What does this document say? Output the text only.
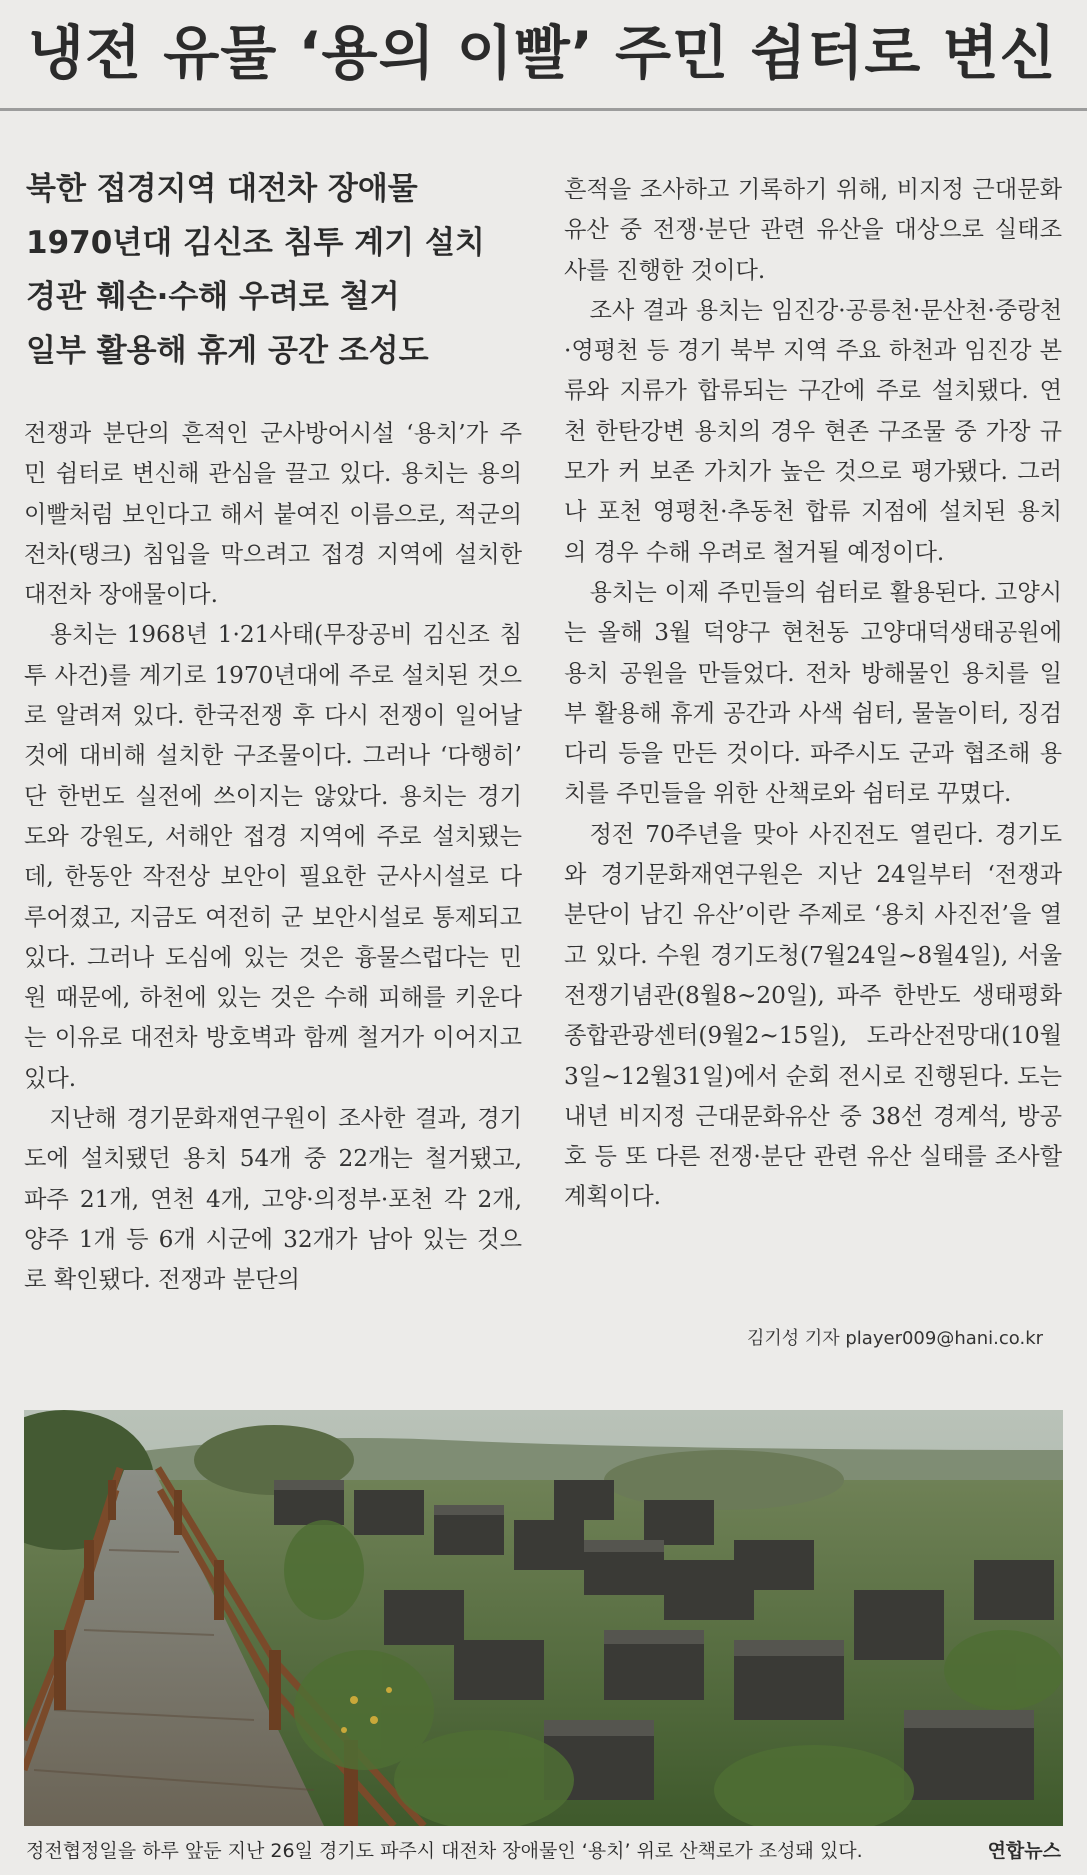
냉전 유물 ‘용의 이빨’ 주민 쉼터로 변신
북한 접경지역 대전차 장애물
1970년대 김신조 침투 계기 설치
경관 훼손·수해 우려로 철거
일부 활용해 휴게 공간 조성도

전쟁과 분단의 흔적인 군사방어시설 ‘용치’가 주민 쉼터로 변신해 관심을 끌고 있다. 용치는 용의 이빨처럼 보인다고 해서 붙여진 이름으로, 적군의 전차(탱크) 침입을 막으려고 접경 지역에 설치한 대전차 장애물이다.

용치는 1968년 1·21사태(무장공비 김신조 침투 사건)를 계기로 1970년대에 주로 설치된 것으로 알려져 있다. 한국전쟁 후 다시 전쟁이 일어날 것에 대비해 설치한 구조물이다. 그러나 ‘다행히’ 단 한번도 실전에 쓰이지는 않았다. 용치는 경기도와 강원도, 서해안 접경 지역에 주로 설치됐는데, 한동안 작전상 보안이 필요한 군사시설로 다루어졌고, 지금도 여전히 군 보안시설로 통제되고 있다. 그러나 도심에 있는 것은 흉물스럽다는 민원 때문에, 하천에 있는 것은 수해 피해를 키운다는 이유로 대전차 방호벽과 함께 철거가 이어지고 있다.

지난해 경기문화재연구원이 조사한 결과, 경기도에 설치됐던 용치 54개 중 22개는 철거됐고, 파주 21개, 연천 4개, 고양·의정부·포천 각 2개, 양주 1개 등 6개 시군에 32개가 남아 있는 것으로 확인됐다. 전쟁과 분단의

흔적을 조사하고 기록하기 위해, 비지정 근대문화유산 중 전쟁·분단 관련 유산을 대상으로 실태조사를 진행한 것이다.

조사 결과 용치는 임진강·공릉천·문산천·중랑천·영평천 등 경기 북부 지역 주요 하천과 임진강 본류와 지류가 합류되는 구간에 주로 설치됐다. 연천 한탄강변 용치의 경우 현존 구조물 중 가장 규모가 커 보존 가치가 높은 것으로 평가됐다. 그러나 포천 영평천·추동천 합류 지점에 설치된 용치의 경우 수해 우려로 철거될 예정이다.

용치는 이제 주민들의 쉼터로 활용된다. 고양시는 올해 3월 덕양구 현천동 고양대덕생태공원에 용치 공원을 만들었다. 전차 방해물인 용치를 일부 활용해 휴게 공간과 사색 쉼터, 물놀이터, 징검다리 등을 만든 것이다. 파주시도 군과 협조해 용치를 주민들을 위한 산책로와 쉼터로 꾸몄다.

정전 70주년을 맞아 사진전도 열린다. 경기도와 경기문화재연구원은 지난 24일부터 ‘전쟁과 분단이 남긴 유산’이란 주제로 ‘용치 사진전’을 열고 있다. 수원 경기도청(7월24일~8월4일), 서울 전쟁기념관(8월8~20일), 파주 한반도 생태평화 종합관광센터(9월2~15일), 도라산전망대(10월3일~12월31일)에서 순회 전시로 진행된다. 도는 내년 비지정 근대문화유산 중 38선 경계석, 방공호 등 또 다른 전쟁·분단 관련 유산 실태를 조사할 계획이다.

김기성 기자 player009@hani.co.kr
정전협정일을 하루 앞둔 지난 26일 경기도 파주시 대전차 장애물인 ‘용치’ 위로 산책로가 조성돼 있다.	연합뉴스
